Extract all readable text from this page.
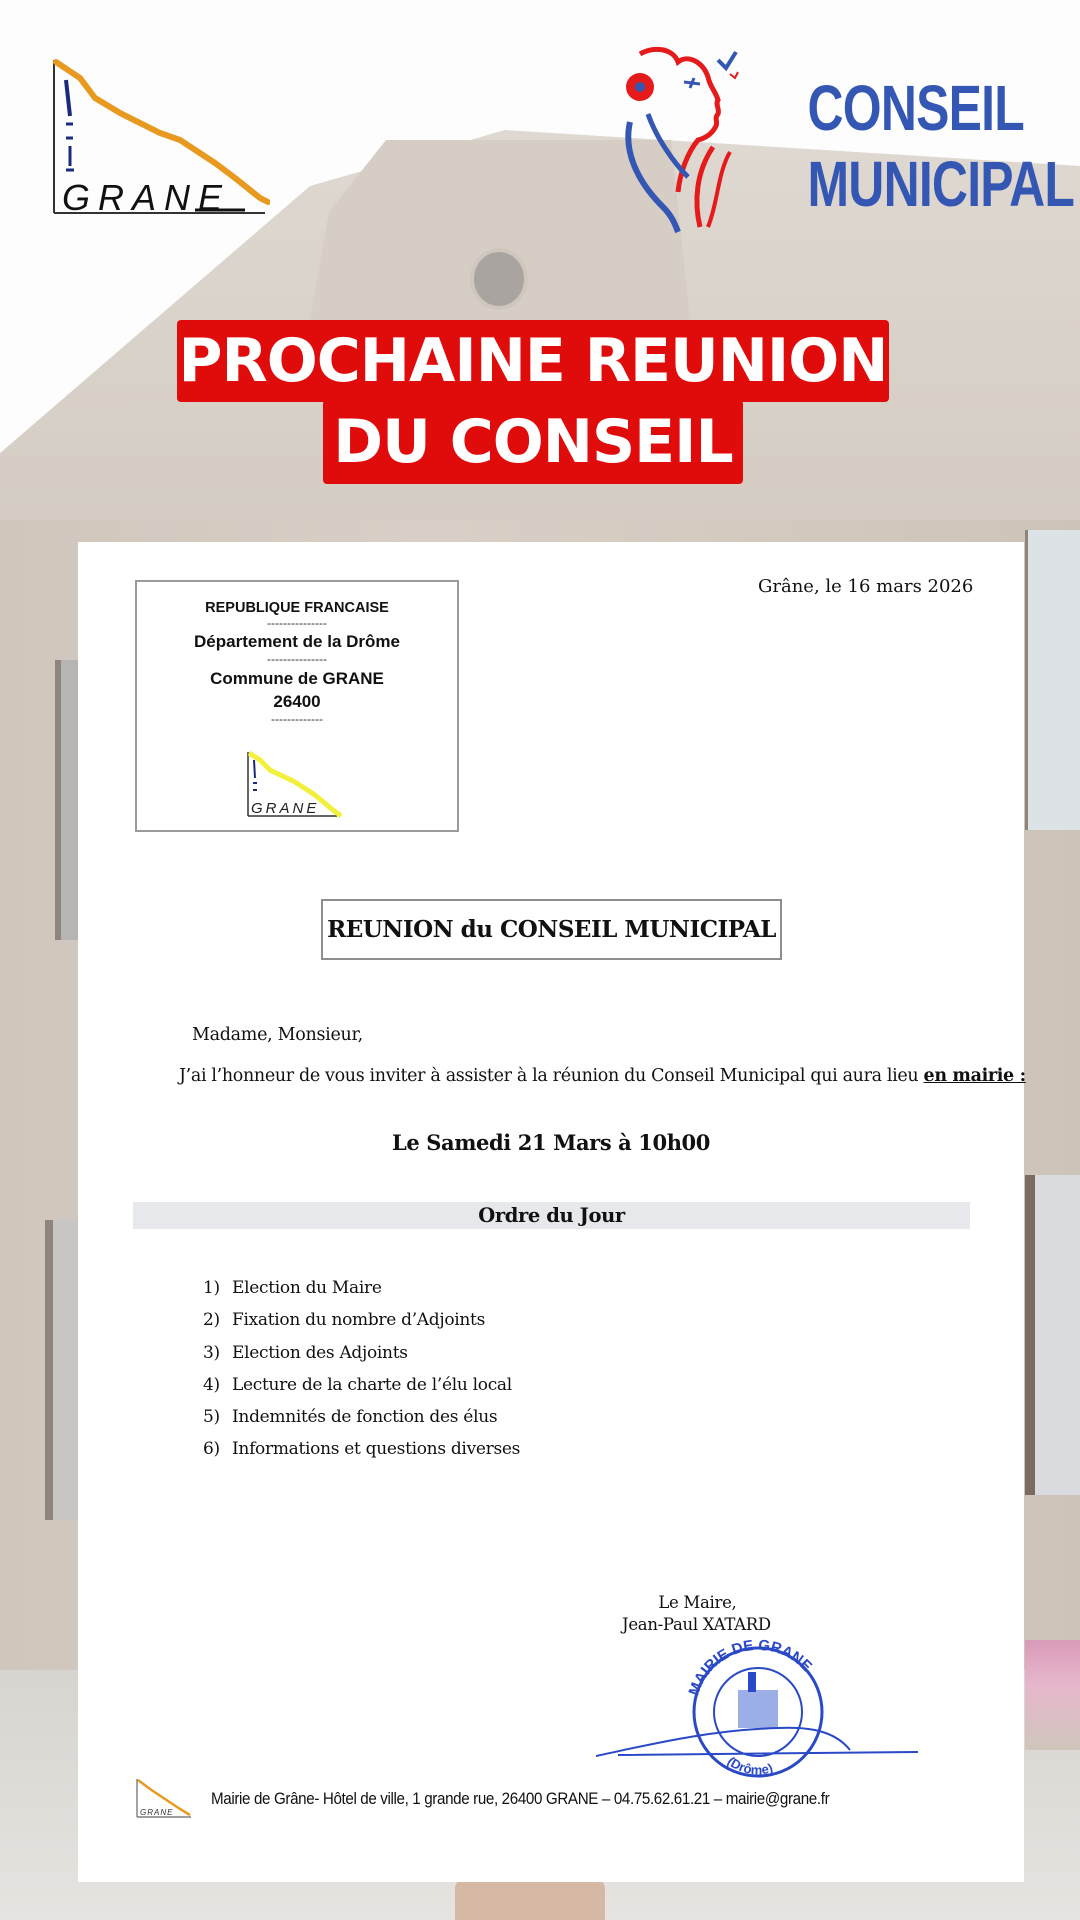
GRANE
CONSEIL
MUNICIPAL
PROCHAINE REUNION
DU CONSEIL
REPUBLIQUE FRANCAISE
---------------
Département de la Drôme
---------------
Commune de GRANE
26400
-------------
GRANE
Grâne, le 16 mars 2026
REUNION du CONSEIL MUNICIPAL
Madame, Monsieur,
J’ai l’honneur de vous inviter à assister à la réunion du Conseil Municipal qui aura lieu en mairie :
Le Samedi 21 Mars à 10h00
Ordre du Jour
1) Election du Maire
2) Fixation du nombre d’Adjoints
3) Election des Adjoints
4) Lecture de la charte de l’élu local
5) Indemnités de fonction des élus
6) Informations et questions diverses
Le Maire,
Jean-Paul XATARD
MAIRIE DE GRANE
(Drôme)
GRANE
Mairie de Grâne- Hôtel de ville, 1 grande rue, 26400 GRANE – 04.75.62.61.21 – mairie@grane.fr
